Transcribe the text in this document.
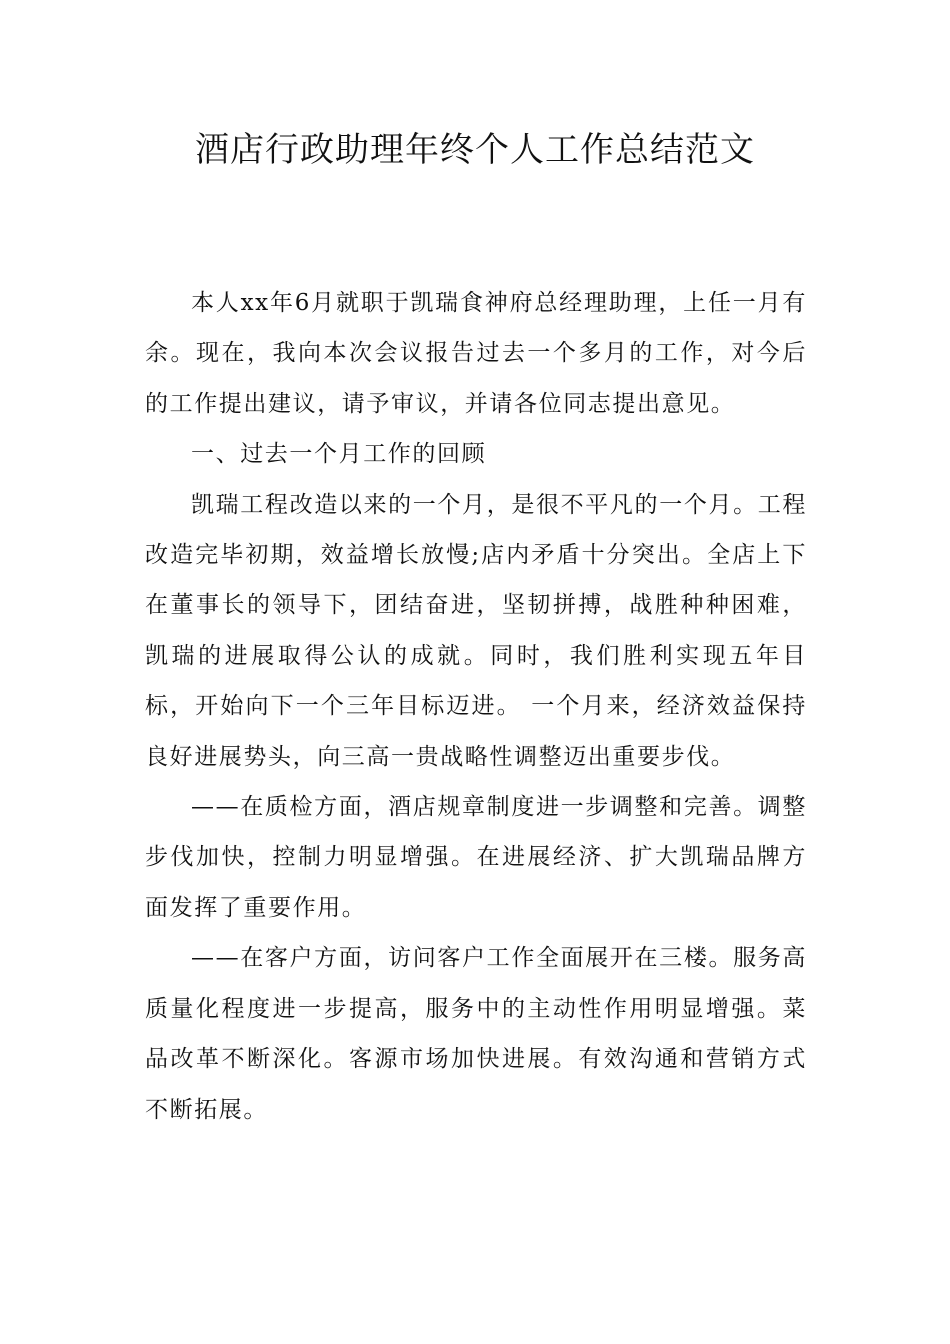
酒店行政助理年终个人工作总结范文

本人xx年6月就职于凯瑞食神府总经理助理，上任一月有余。现在，我向本次会议报告过去一个多月的工作，对今后的工作提出建议，请予审议，并请各位同志提出意见。

一、过去一个月工作的回顾

凯瑞工程改造以来的一个月，是很不平凡的一个月。工程改造完毕初期，效益增长放慢;店内矛盾十分突出。全店上下在董事长的领导下，团结奋进，坚韧拼搏，战胜种种困难，凯瑞的进展取得公认的成就。同时，我们胜利实现五年目标，开始向下一个三年目标迈进。 一个月来，经济效益保持良好进展势头，向三高一贵战略性调整迈出重要步伐。

——在质检方面，酒店规章制度进一步调整和完善。调整步伐加快，控制力明显增强。在进展经济、扩大凯瑞品牌方面发挥了重要作用。

——在客户方面，访问客户工作全面展开在三楼。服务高质量化程度进一步提高，服务中的主动性作用明显增强。菜品改革不断深化。客源市场加快进展。有效沟通和营销方式不断拓展。
